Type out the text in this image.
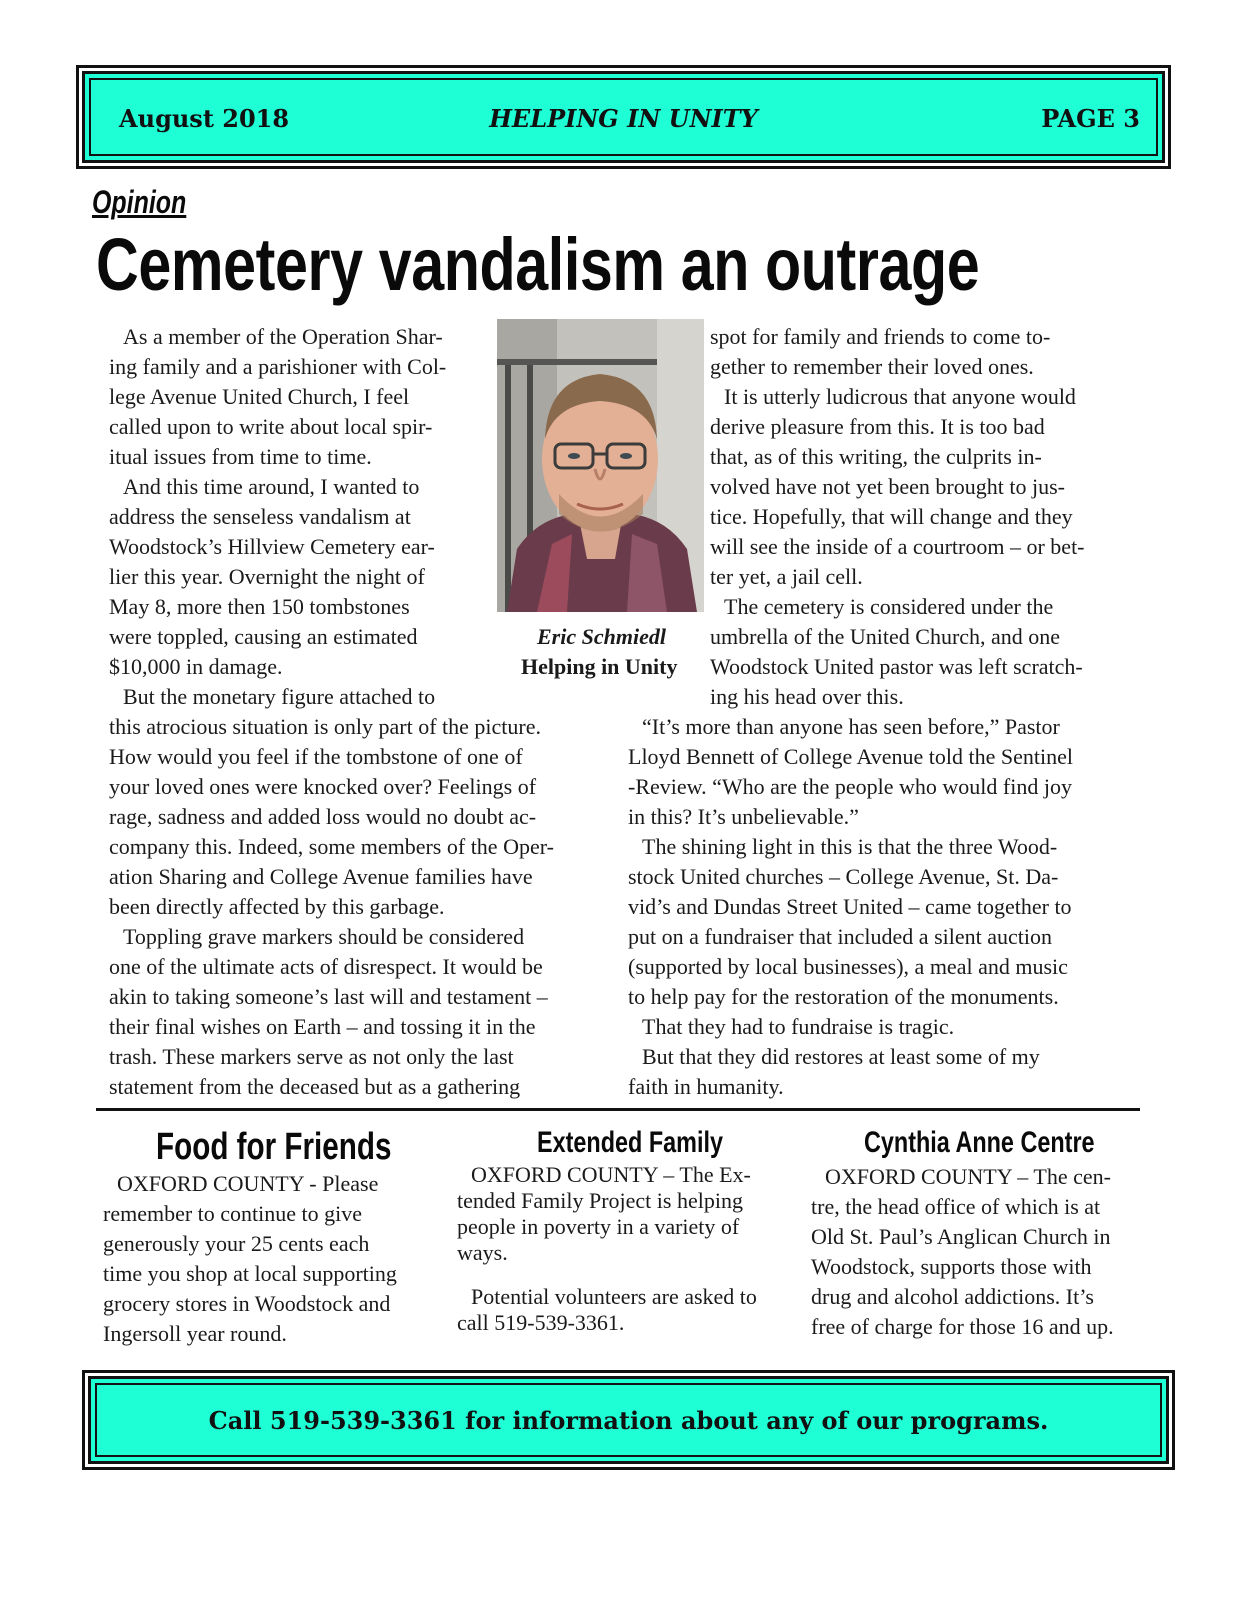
August 2018	HELPING IN UNITY	PAGE 3
Opinion
Cemetery vandalism an outrage

As a member of the Operation Shar-

ing family and a parishioner with Col-

lege Avenue United Church, I feel

called upon to write about local spir-

itual issues from time to time.

And this time around, I wanted to

address the senseless vandalism at

Woodstock’s Hillview Cemetery ear-

lier this year. Overnight the night of

May 8, more then 150 tombstones

were toppled, causing an estimated

$10,000 in damage.

But the monetary figure attached to

this atrocious situation is only part of the picture.

How would you feel if the tombstone of one of

your loved ones were knocked over? Feelings of

rage, sadness and added loss would no doubt ac-

company this. Indeed, some members of the Oper-

ation Sharing and College Avenue families have

been directly affected by this garbage.

Toppling grave markers should be considered

one of the ultimate acts of disrespect. It would be

akin to taking someone’s last will and testament –

their final wishes on Earth – and tossing it in the

trash. These markers serve as not only the last

statement from the deceased but as a gathering

Eric Schmiedl
Helping in Unity

spot for family and friends to come to-

gether to remember their loved ones.

It is utterly ludicrous that anyone would

derive pleasure from this. It is too bad

that, as of this writing, the culprits in-

volved have not yet been brought to jus-

tice. Hopefully, that will change and they

will see the inside of a courtroom – or bet-

ter yet, a jail cell.

The cemetery is considered under the

umbrella of the United Church, and one

Woodstock United pastor was left scratch-

ing his head over this.

“It’s more than anyone has seen before,” Pastor

Lloyd Bennett of College Avenue told the Sentinel

-Review. “Who are the people who would find joy

in this? It’s unbelievable.”

The shining light in this is that the three Wood-

stock United churches – College Avenue, St. Da-

vid’s and Dundas Street United – came together to

put on a fundraiser that included a silent auction

(supported by local businesses), a meal and music

to help pay for the restoration of the monuments.

That they had to fundraise is tragic.

But that they did restores at least some of my

faith in humanity.

Food for Friends

OXFORD COUNTY - Please

remember to continue to give

generously your 25 cents each

time you shop at local supporting

grocery stores in Woodstock and

Ingersoll year round.

Extended Family

OXFORD COUNTY – The Ex-

tended Family Project is helping

people in poverty in a variety of

ways.

Potential volunteers are asked to

call 519-539-3361.

Cynthia Anne Centre

OXFORD COUNTY – The cen-

tre, the head office of which is at

Old St. Paul’s Anglican Church in

Woodstock, supports those with

drug and alcohol addictions. It’s

free of charge for those 16 and up.

Call 519-539-3361 for information about any of our programs.
